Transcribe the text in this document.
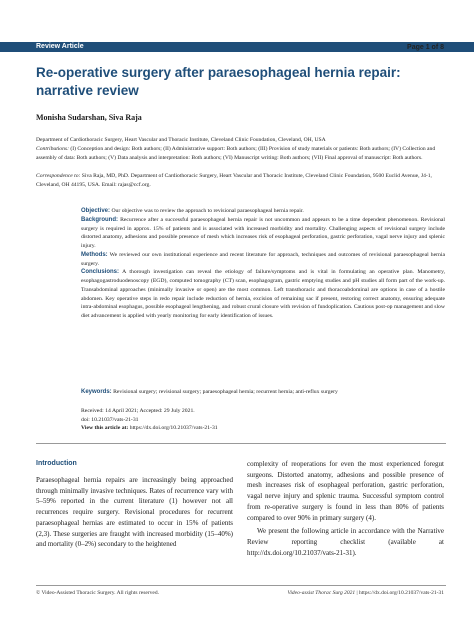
Review Article	Page 1 of 8
Re-operative surgery after paraesophageal hernia repair: narrative review
Monisha Sudarshan, Siva Raja
Department of Cardiothoracic Surgery, Heart Vascular and Thoracic Institute, Cleveland Clinic Foundation, Cleveland, OH, USA
Contributions: (I) Conception and design: Both authors; (II) Administrative support: Both authors; (III) Provision of study materials or patients: Both authors; (IV) Collection and assembly of data: Both authors; (V) Data analysis and interpretation: Both authors; (VI) Manuscript writing: Both authors; (VII) Final approval of manuscript: Both authors.
Correspondence to: Siva Raja, MD, PhD. Department of Cardiothoracic Surgery, Heart Vascular and Thoracic Institute, Cleveland Clinic Foundation, 9500 Euclid Avenue, J4-1, Cleveland, OH 44195, USA. Email: rajas@ccf.org.

Objective: Our objective was to review the approach to revisional paraesophageal hernia repair.

Background: Recurrence after a successful paraesophageal hernia repair is not uncommon and appears to be a time dependent phenomenon. Revisional surgery is required in approx. 15% of patients and is associated with increased morbidity and mortality. Challenging aspects of revisional surgery include distorted anatomy, adhesions and possible presence of mesh which increases risk of esophageal perforation, gastric perforation, vagal nerve injury and splenic injury.

Methods: We reviewed our own institutional experience and recent literature for approach, techniques and outcomes of revisional paraesophageal hernia surgery.

Conclusions: A thorough investigation can reveal the etiology of failure/symptoms and is vital in formulating an operative plan. Manometry, esophagogastroduodenoscopy (EGD), computed tomography (CT) scan, esophagogram, gastric emptying studies and pH studies all form part of the work-up. Transabdominal approaches (minimally invasive or open) are the most common. Left transthoracic and thoracoabdominal are options in case of a hostile abdomen. Key operative steps in redo repair include reduction of hernia, excision of remaining sac if present, restoring correct anatomy, ensuring adequate intra-abdominal esophagus, possible esophageal lengthening, and robust crural closure with revision of fundoplication. Cautious post-op management and slow diet advancement is applied with yearly monitoring for early identification of issues.

Keywords: Revisional surgery; revisional surgery; paraesophageal hernia; recurrent hernia; anti-reflux surgery
Received: 14 April 2021; Accepted: 29 July 2021.
doi: 10.21037/vats-21-31
View this article at: https://dx.doi.org/10.21037/vats-21-31
Introduction

Paraesophageal hernia repairs are increasingly being approached through minimally invasive techniques. Rates of recurrence vary with 5–59% reported in the current literature (1) however not all recurrences require surgery. Revisional procedures for recurrent paraesophageal hernias are estimated to occur in 15% of patients (2,3). These surgeries are fraught with increased morbidity (15–40%) and mortality (0–2%) secondary to the heightened

complexity of reoperations for even the most experienced foregut surgeons. Distorted anatomy, adhesions and possible presence of mesh increases risk of esophageal perforation, gastric perforation, vagal nerve injury and splenic trauma. Successful symptom control from re-operative surgery is found in less than 80% of patients compared to over 90% in primary surgery (4).

We present the following article in accordance with the Narrative Review reporting checklist (available at http://dx.doi.org/10.21037/vats-21-31).

© Video-Assisted Thoracic Surgery. All rights reserved.	Video-assist Thorac Surg 2021 | https://dx.doi.org/10.21037/vats-21-31
